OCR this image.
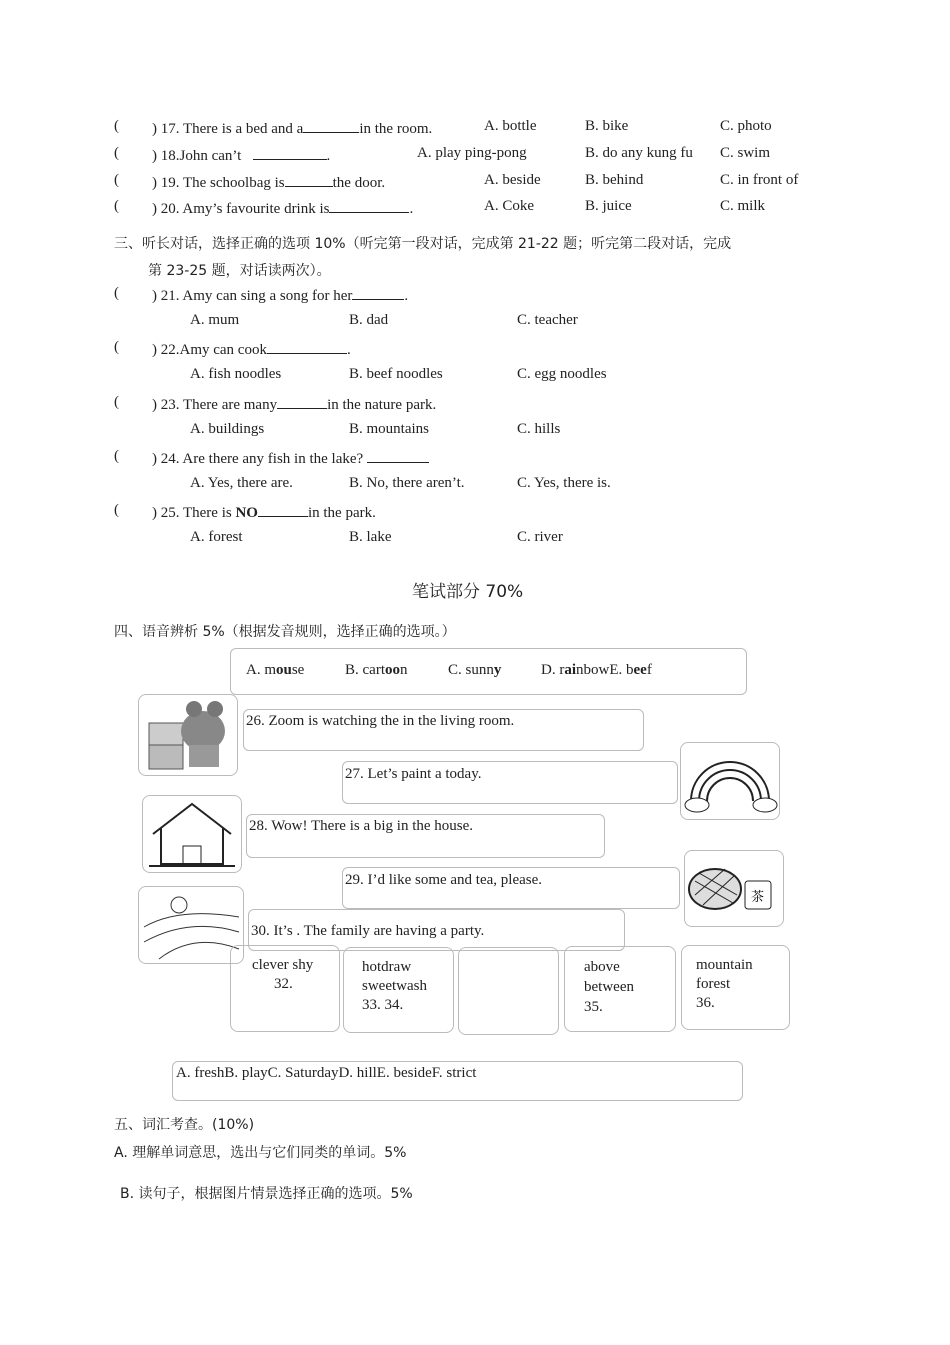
( ) 17. There is a bed and a	in the room.	A. bottle	B. bike	C. photo
( ) 18.John can’t	.	A. play ping-pong	B. do any kung fu C. swim
( ) 19. The schoolbag is	the door.	A. beside	B. behind	C. in front of
( ) 20. Amy’s favourite drink is	.	A. Coke	B. juice	C. milk
三、听长对话，选择正确的选项 10%（听完第一段对话，完成第 21-22 题；听完第二段对话，完成
第 23-25 题，对话读两次）。
( ) 21. Amy can sing a song for her	.
A. mum	B. dad	C. teacher
( ) 22.Amy can cook	.
A. fish noodles	B. beef noodles	C. egg noodles
( ) 23. There are many	in the nature park.
A. buildings	B. mountains	C. hills
( ) 24. Are there any fish in the lake?
A. Yes, there are.	B. No, there aren’t.	C. Yes, there is.
( ) 25. There is NO	in the park.
A. forest	B. lake	C. river
笔试部分 70%
四、语音辨析 5%（根据发音规则，选择正确的选项。）
A. mouse	B. cartoon	C. sunny	D. rainbowE. beef
茶
26. Zoom is watching the in the living room.
27. Let’s paint a today.
28. Wow! There is a big in the house.
29. I’d like some and tea, please.
30. It’s . The family are having a party.
clever shy
32.
hotdraw
sweetwash
33. 34.
above
between
35.
mountain
forest
36.
A. freshB. playC. SaturdayD. hillE. besideF. strict
五、词汇考查。(10%)
A. 理解单词意思，选出与它们同类的单词。5%
B. 读句子，根据图片情景选择正确的选项。5%
